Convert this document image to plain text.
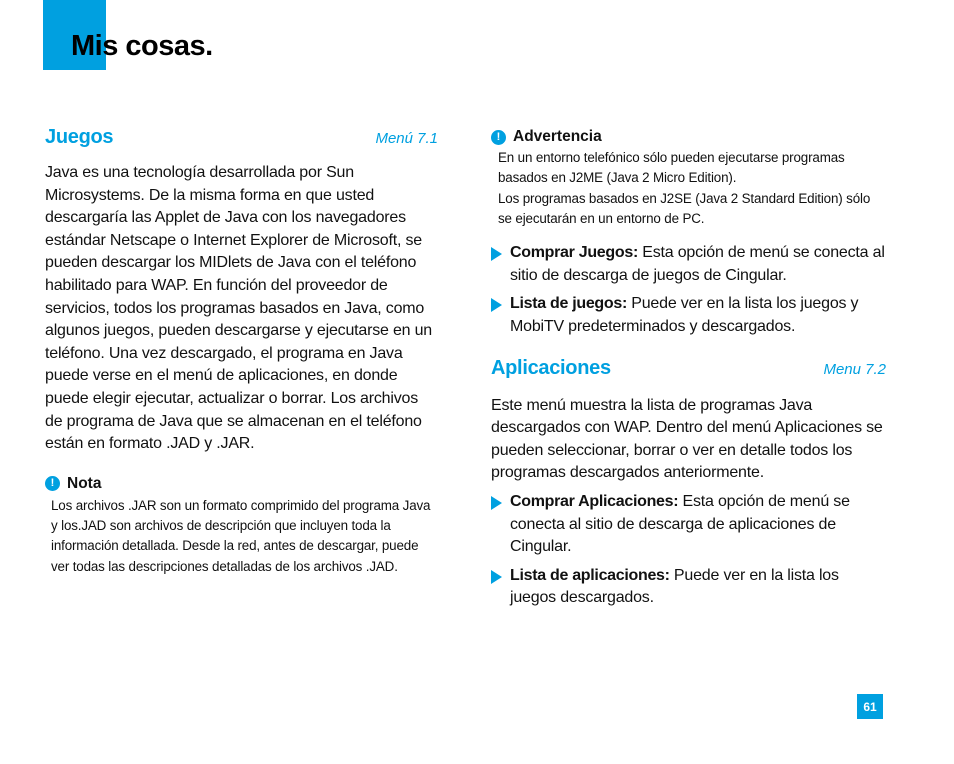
Mis cosas.
Juegos	Menú 7.1

Java es una tecnología desarrollada por Sun Microsystems. De la misma forma en que usted descargaría las Applet de Java con los navegadores estándar Netscape o Internet Explorer de Microsoft, se pueden descargar los MIDlets de Java con el teléfono habilitado para WAP. En función del proveedor de servicios, todos los programas basados en Java, como algunos juegos, pueden descargarse y ejecutarse en un teléfono. Una vez descargado, el programa en Java puede verse en el menú de aplicaciones, en donde puede elegir ejecutar, actualizar o borrar. Los archivos de programa de Java que se almacenan en el teléfono están en formato .JAD y .JAR.

! Nota

Los archivos .JAR son un formato comprimido del programa Java y los.JAD son archivos de descripción que incluyen toda la información detallada. Desde la red, antes de descargar, puede ver todas las descripciones detalladas de los archivos .JAD.

! Advertencia

En un entorno telefónico sólo pueden ejecutarse programas basados en J2ME (Java 2 Micro Edition).

Los programas basados en J2SE (Java 2 Standard Edition) sólo se ejecutarán en un entorno de PC.

Comprar Juegos: Esta opción de menú se conecta al sitio de descarga de juegos de Cingular.
Lista de juegos: Puede ver en la lista los juegos y MobiTV predeterminados y descargados.
Aplicaciones	Menu 7.2

Este menú muestra la lista de programas Java descargados con WAP. Dentro del menú Aplicaciones se pueden seleccionar, borrar o ver en detalle todos los programas descargados anteriormente.

Comprar Aplicaciones: Esta opción de menú se conecta al sitio de descarga de aplicaciones de Cingular.
Lista de aplicaciones: Puede ver en la lista los juegos descargados.
61
